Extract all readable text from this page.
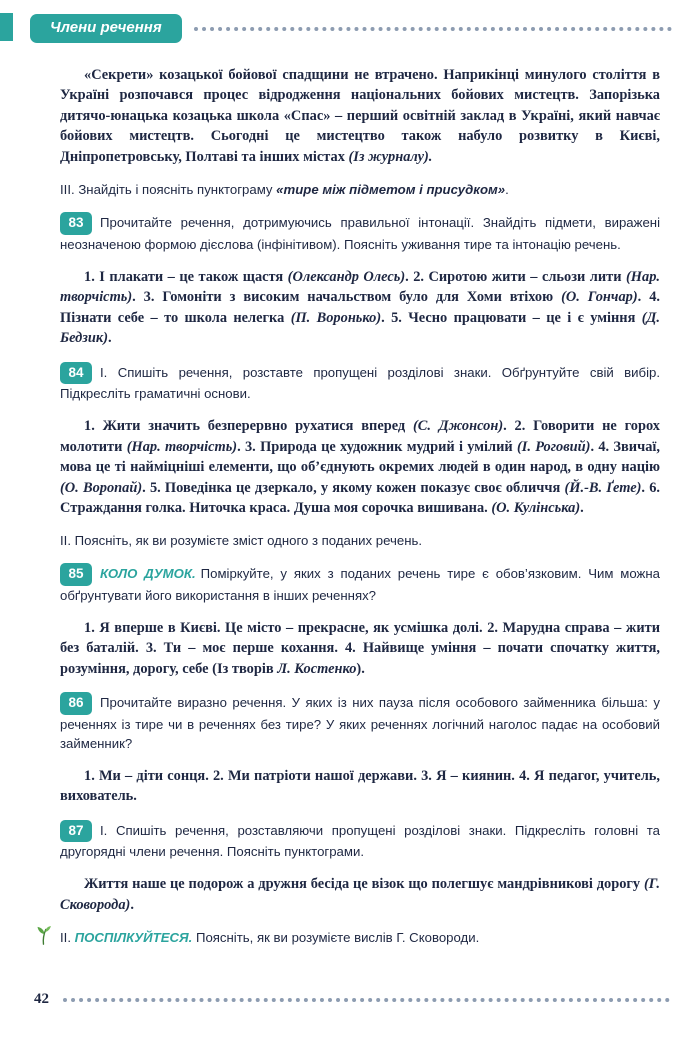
Члени речення

«Секрети» козацької бойової спадщини не втрачено. Наприкінці минулого століття в Україні розпочався процес відродження національних бойових мистецтв. Запорізька дитячо-юнацька козацька школа «Спас» – перший освітній заклад в Україні, який навчає бойових мистецтв. Сьогодні це мистецтво також набуло розвитку в Києві, Дніпропетровську, Полтаві та інших містах (Із журналу).

III. Знайдіть і поясніть пунктограму «тире між підметом і присудком».

83 Прочитайте речення, дотримуючись правильної інтонації. Знайдіть підмети, виражені неозначеною формою дієслова (інфінітивом). Поясніть уживання тире та інтонацію речень.

1. І плакати – це також щастя (Олександр Олесь). 2. Сиротою жити – сльози лити (Нар. творчість). 3. Гомоніти з високим начальством було для Хоми втіхою (О. Гончар). 4. Пізнати себе – то школа нелегка (П. Воронько). 5. Чесно працювати – це і є уміння (Д. Бедзик).

84 I. Спишіть речення, розставте пропущені розділові знаки. Обґрунтуйте свій вибір. Підкресліть граматичні основи.

1. Жити значить безперервно рухатися вперед (С. Джонсон). 2. Говорити не горох молотити (Нар. творчість). 3. Природа це художник мудрий і умілий (І. Роговий). 4. Звичаї, мова це ті найміцніші елементи, що об’єднують окремих людей в один народ, в одну націю (О. Воропай). 5. Поведінка це дзеркало, у якому кожен показує своє обличчя (Й.-В. Ґете). 6. Страждання голка. Ниточка краса. Душа моя сорочка вишивана. (О. Кулінська).

II. Поясніть, як ви розумієте зміст одного з поданих речень.

85 КОЛО ДУМОК. Поміркуйте, у яких з поданих речень тире є обов’язковим. Чим можна обґрунтувати його використання в інших реченнях?

1. Я вперше в Києві. Це місто – прекрасне, як усмішка долі. 2. Марудна справа – жити без баталій. 3. Ти – моє перше кохання. 4. Найвище уміння – почати спочатку життя, розуміння, дорогу, себе (Із творів Л. Костенко).

86 Прочитайте виразно речення. У яких із них пауза після особового займенника більша: у реченнях із тире чи в реченнях без тире? У яких реченнях логічний наголос падає на особовий займенник?

1. Ми – діти сонця. 2. Ми патріоти нашої держави. 3. Я – киянин. 4. Я педагог, учитель, вихователь.

87 I. Спишіть речення, розставляючи пропущені розділові знаки. Підкресліть головні та другорядні члени речення. Поясніть пунктограми.

Життя наше це подорож а дружня бесіда це візок що полегшує мандрівникові дорогу (Г. Сковорода).

II. ПОСПІЛКУЙТЕСЯ. Поясніть, як ви розумієте вислів Г. Сковороди.

42
